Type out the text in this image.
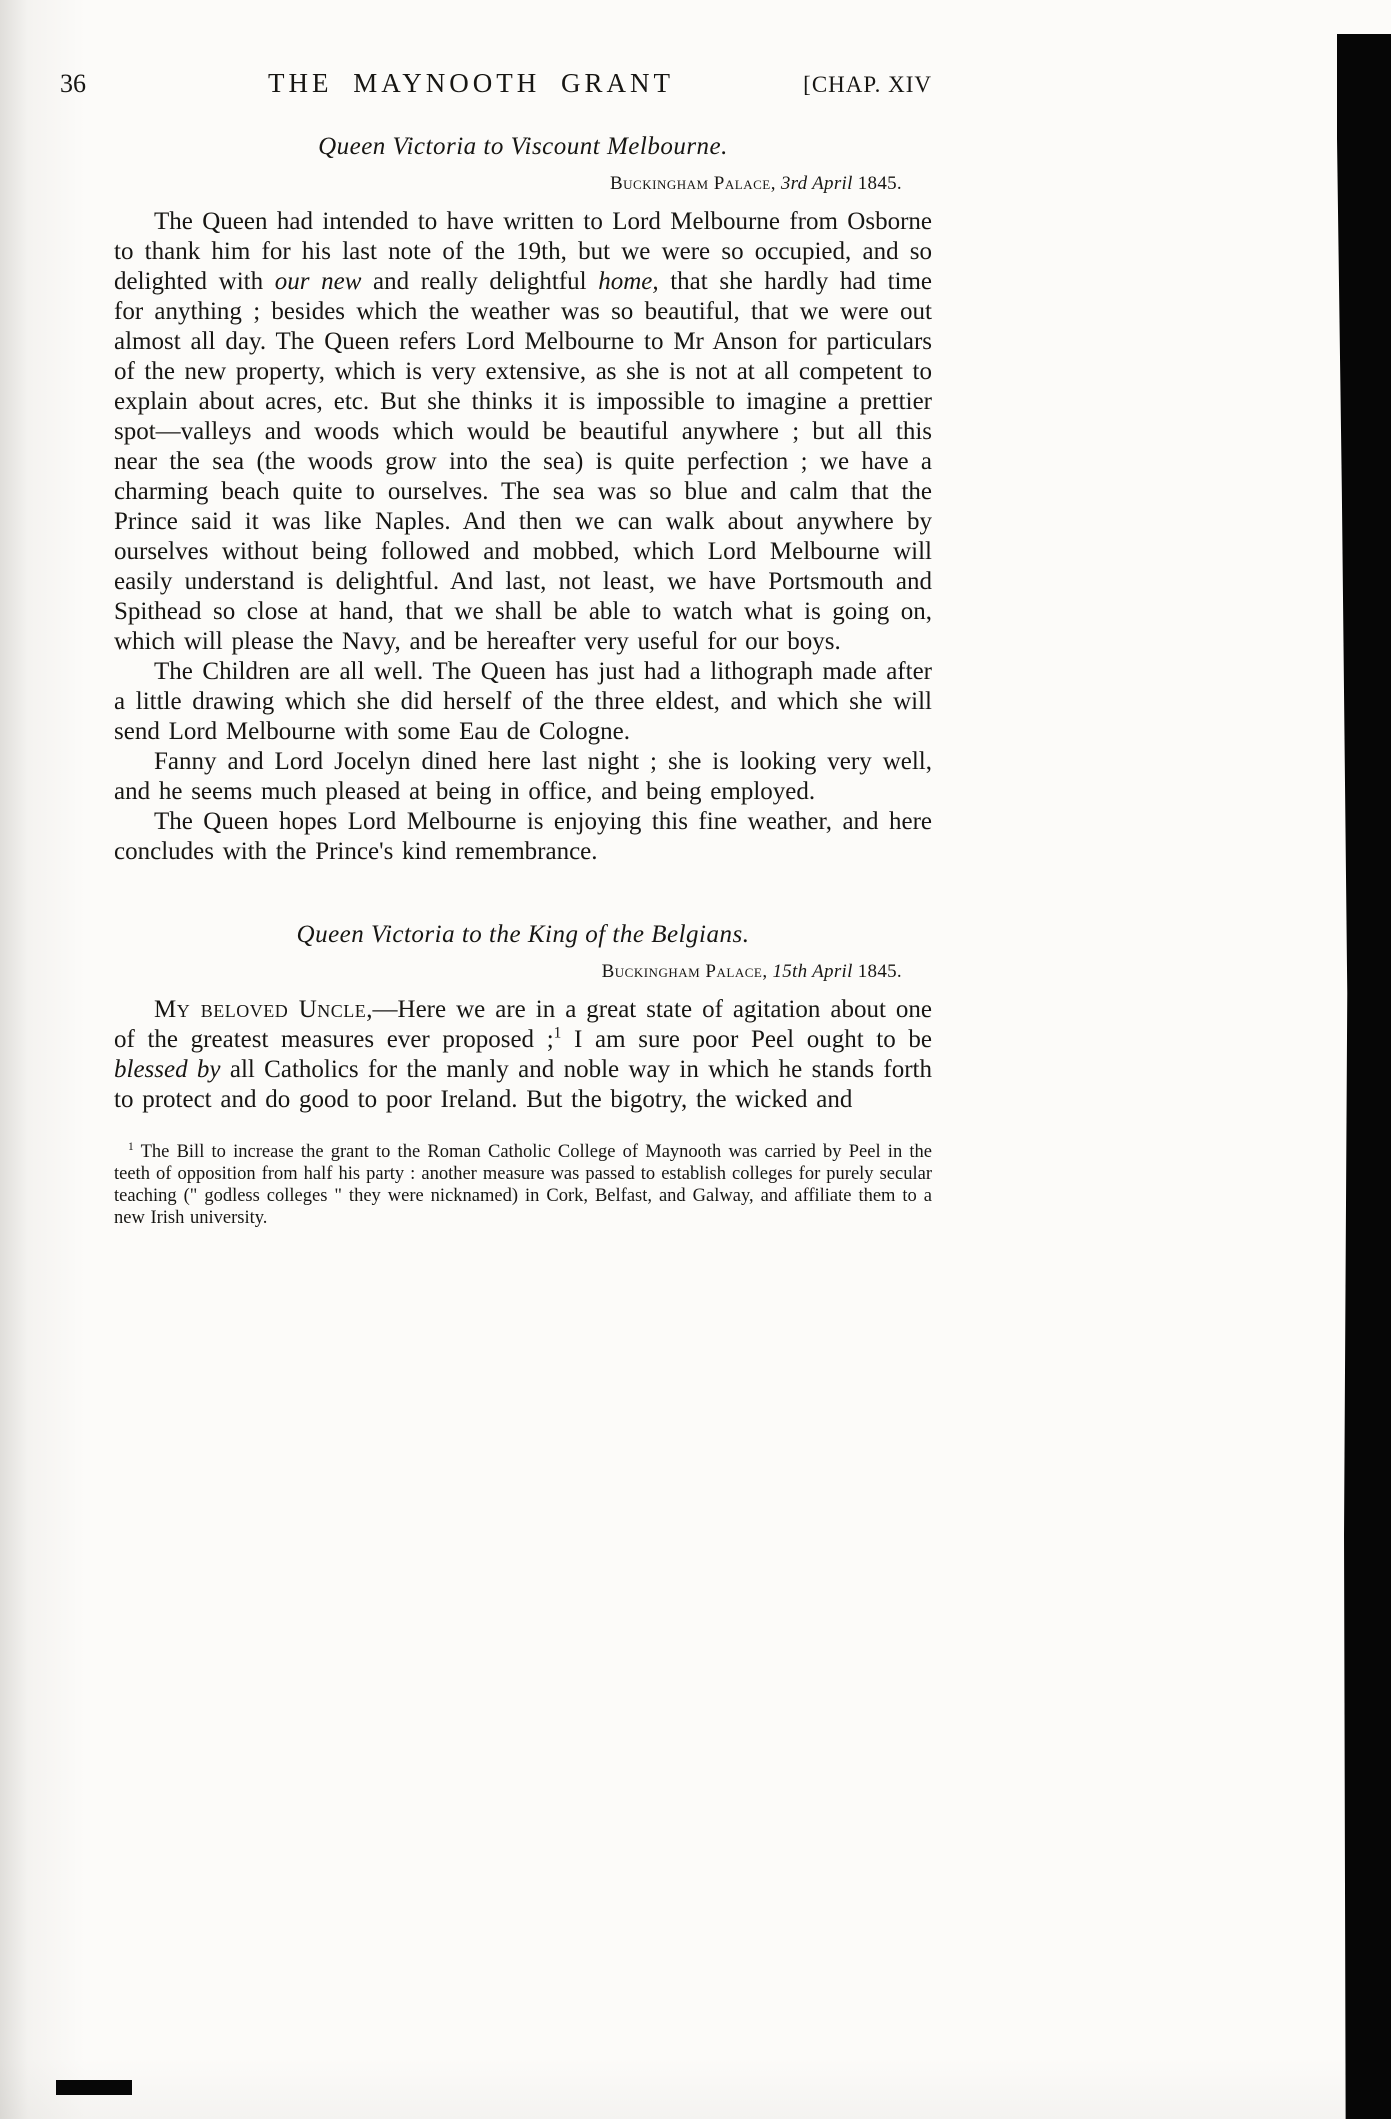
36	THE MAYNOOTH GRANT	[CHAP. XIV
Queen Victoria to Viscount Melbourne.

Buckingham Palace, 3rd April 1845.

The Queen had intended to have written to Lord Melbourne from Osborne to thank him for his last note of the 19th, but we were so occupied, and so delighted with our new and really delightful home, that she hardly had time for anything ; besides which the weather was so beautiful, that we were out almost all day. The Queen refers Lord Melbourne to Mr Anson for particulars of the new property, which is very extensive, as she is not at all competent to explain about acres, etc. But she thinks it is impossible to imagine a prettier spot—valleys and woods which would be beautiful anywhere ; but all this near the sea (the woods grow into the sea) is quite perfection ; we have a charming beach quite to ourselves. The sea was so blue and calm that the Prince said it was like Naples. And then we can walk about anywhere by ourselves without being followed and mobbed, which Lord Melbourne will easily understand is delightful. And last, not least, we have Portsmouth and Spithead so close at hand, that we shall be able to watch what is going on, which will please the Navy, and be hereafter very useful for our boys.

The Children are all well. The Queen has just had a lithograph made after a little drawing which she did herself of the three eldest, and which she will send Lord Melbourne with some Eau de Cologne.

Fanny and Lord Jocelyn dined here last night ; she is looking very well, and he seems much pleased at being in office, and being employed.

The Queen hopes Lord Melbourne is enjoying this fine weather, and here concludes with the Prince's kind remembrance.

Queen Victoria to the King of the Belgians.

Buckingham Palace, 15th April 1845.

My beloved Uncle,—Here we are in a great state of agitation about one of the greatest measures ever proposed ;$^1$ I am sure poor Peel ought to be blessed by all Catholics for the manly and noble way in which he stands forth to protect and do good to poor Ireland. But the bigotry, the wicked and

$^1$ The Bill to increase the grant to the Roman Catholic College of Maynooth was carried by Peel in the teeth of opposition from half his party : another measure was passed to establish colleges for purely secular teaching (" godless colleges " they were nicknamed) in Cork, Belfast, and Galway, and affiliate them to a new Irish university.
